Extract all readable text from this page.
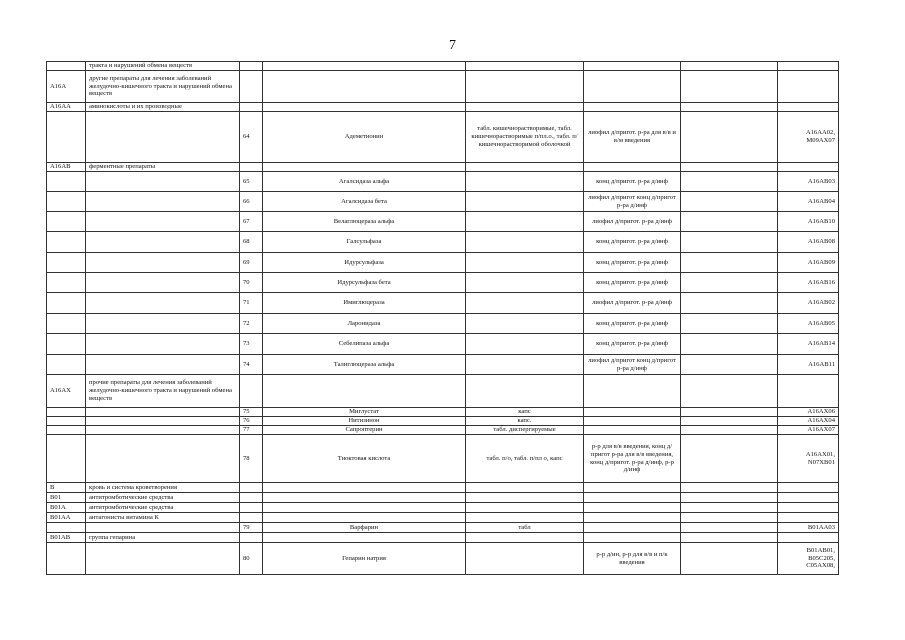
7
	тракта и нарушений обмена веществ						
A16A	другие препараты для лечения заболеваний желудочно-кишечного тракта и нарушений обмена веществ						
A16AA	аминокислоты и их производные						
		64	Адеметионин	табл. кишечнорастворимые, табл. кишечнорастворимые п/пл.о., табл. п/кишечнорастворимой оболочкой	лиофил д/пригот. р-ра для в/в и в/м введения		A16AA02, M09AX07
A16AB	ферментные препараты						
		65	Агалсидаза альфа		конц д/пригот. р-ра д/инф		A16AB03
		66	Агалсидаза бета		лиофил д/пригот конц д/пригот р-ра д/инф		A16AB04
		67	Велаглюцераза альфа		лиофил д/пригот. р-ра д/инф		A16AB10
		68	Галсульфаза		конц д/пригот. р-ра д/инф		A16AB08
		69	Идурсульфаза		конц д/пригот. р-ра д/инф		A16AB09
		70	Идурсульфаза бета		конц д/пригот. р-ра д/инф		A16AB16
		71	Имиглюцераза		лиофил д/пригот. р-ра д/инф		A16AB02
		72	Ларонидаза		конц д/пригот. р-ра д/инф		A16AB05
		73	Себелипаза альфа		конц д/пригот. р-ра д/инф		A16AB14
		74	Талиглюцераза альфа		лиофил д/пригот конц д/пригот р-ра д/инф		A16AB11
A16AX	прочие препараты для лечения заболеваний желудочно-кишечного тракта и нарушений обмена веществ						
		75	Миглустат	капс			A16AX06
		76	Нитизинон	капс.			A16AX04
		77	Сапроптерин	табл. диспергируемые			A16AX07
		78	Тиоктовая кислота	табл. п/о, табл. п/пл о, капс	р-р для в/в введения, конц д/пригот р-ра для в/в введения, конц д/пригот. р-ра д/инф, р-р д/инф		A16AX01, N07XB01
B	кровь и система кроветворения						
B01	антитромботические средства						
B01A	антитромботические средства						
B01AA	антагонисты витамина К						
		79	Варфарин	табл			B01AA03
B01AB	группа гепарина						
		80	Гепарин натрия		р-р д/ин, р-р для в/в и п/к введения		B01AB01, B05C205, C05AX08,
